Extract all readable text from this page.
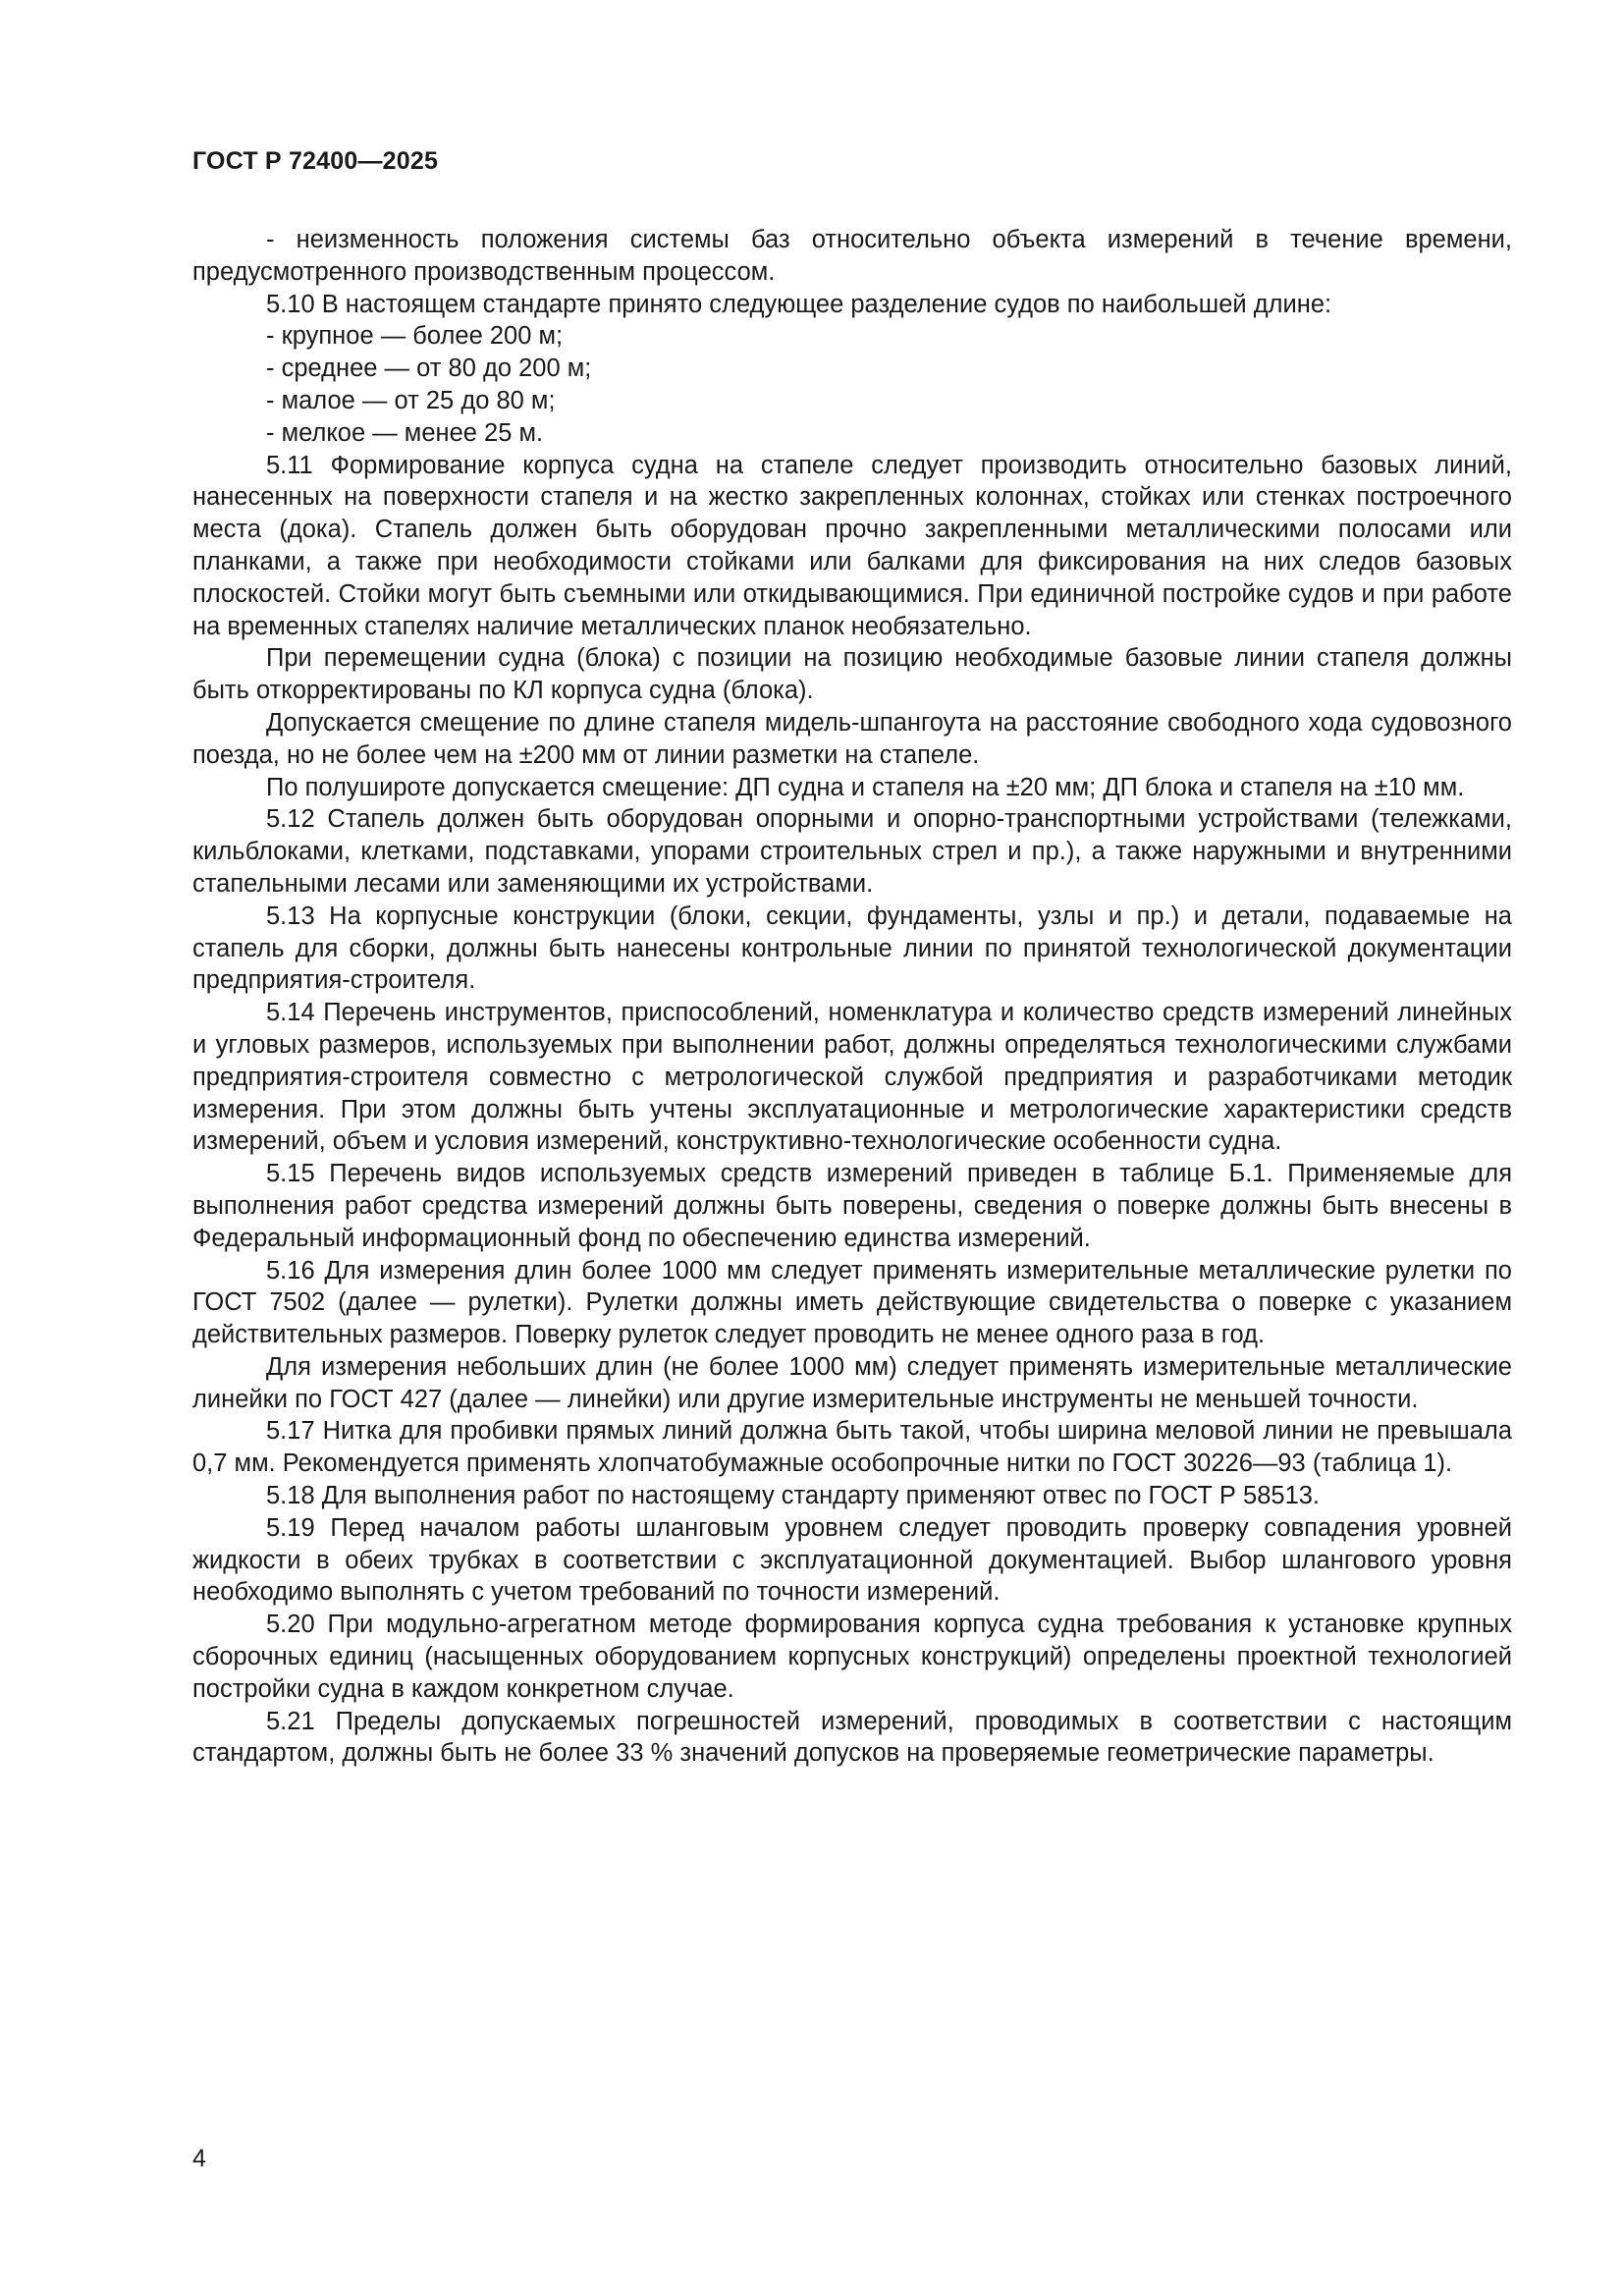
ГОСТ Р 72400—2025

- неизменность положения системы баз относительно объекта измерений в течение времени, предусмотренного производственным процессом.

5.10 В настоящем стандарте принято следующее разделение судов по наибольшей длине:

- крупное — более 200 м;

- среднее — от 80 до 200 м;

- малое — от 25 до 80 м;

- мелкое — менее 25 м.

5.11 Формирование корпуса судна на стапеле следует производить относительно базовых линий, нанесенных на поверхности стапеля и на жестко закрепленных колоннах, стойках или стенках построечного места (дока). Стапель должен быть оборудован прочно закрепленными металлическими полосами или планками, а также при необходимости стойками или балками для фиксирования на них следов базовых плоскостей. Стойки могут быть съемными или откидывающимися. При единичной постройке судов и при работе на временных стапелях наличие металлических планок необязательно.

При перемещении судна (блока) с позиции на позицию необходимые базовые линии стапеля должны быть откорректированы по КЛ корпуса судна (блока).

Допускается смещение по длине стапеля мидель-шпангоута на расстояние свободного хода судовозного поезда, но не более чем на ±200 мм от линии разметки на стапеле.

По полушироте допускается смещение: ДП судна и стапеля на ±20 мм; ДП блока и стапеля на ±10 мм.

5.12 Стапель должен быть оборудован опорными и опорно-транспортными устройствами (тележками, кильблоками, клетками, подставками, упорами строительных стрел и пр.), а также наружными и внутренними стапельными лесами или заменяющими их устройствами.

5.13 На корпусные конструкции (блоки, секции, фундаменты, узлы и пр.) и детали, подаваемые на стапель для сборки, должны быть нанесены контрольные линии по принятой технологической документации предприятия-строителя.

5.14 Перечень инструментов, приспособлений, номенклатура и количество средств измерений линейных и угловых размеров, используемых при выполнении работ, должны определяться технологическими службами предприятия-строителя совместно с метрологической службой предприятия и разработчиками методик измерения. При этом должны быть учтены эксплуатационные и метрологические характеристики средств измерений, объем и условия измерений, конструктивно-технологические особенности судна.

5.15 Перечень видов используемых средств измерений приведен в таблице Б.1. Применяемые для выполнения работ средства измерений должны быть поверены, сведения о поверке должны быть внесены в Федеральный информационный фонд по обеспечению единства измерений.

5.16 Для измерения длин более 1000 мм следует применять измерительные металлические рулетки по ГОСТ 7502 (далее — рулетки). Рулетки должны иметь действующие свидетельства о поверке с указанием действительных размеров. Поверку рулеток следует проводить не менее одного раза в год.

Для измерения небольших длин (не более 1000 мм) следует применять измерительные металлические линейки по ГОСТ 427 (далее — линейки) или другие измерительные инструменты не меньшей точности.

5.17 Нитка для пробивки прямых линий должна быть такой, чтобы ширина меловой линии не превышала 0,7 мм. Рекомендуется применять хлопчатобумажные особопрочные нитки по ГОСТ 30226—93 (таблица 1).

5.18 Для выполнения работ по настоящему стандарту применяют отвес по ГОСТ Р 58513.

5.19 Перед началом работы шланговым уровнем следует проводить проверку совпадения уровней жидкости в обеих трубках в соответствии с эксплуатационной документацией. Выбор шлангового уровня необходимо выполнять с учетом требований по точности измерений.

5.20 При модульно-агрегатном методе формирования корпуса судна требования к установке крупных сборочных единиц (насыщенных оборудованием корпусных конструкций) определены проектной технологией постройки судна в каждом конкретном случае.

5.21 Пределы допускаемых погрешностей измерений, проводимых в соответствии с настоящим стандартом, должны быть не более 33 % значений допусков на проверяемые геометрические параметры.

4
